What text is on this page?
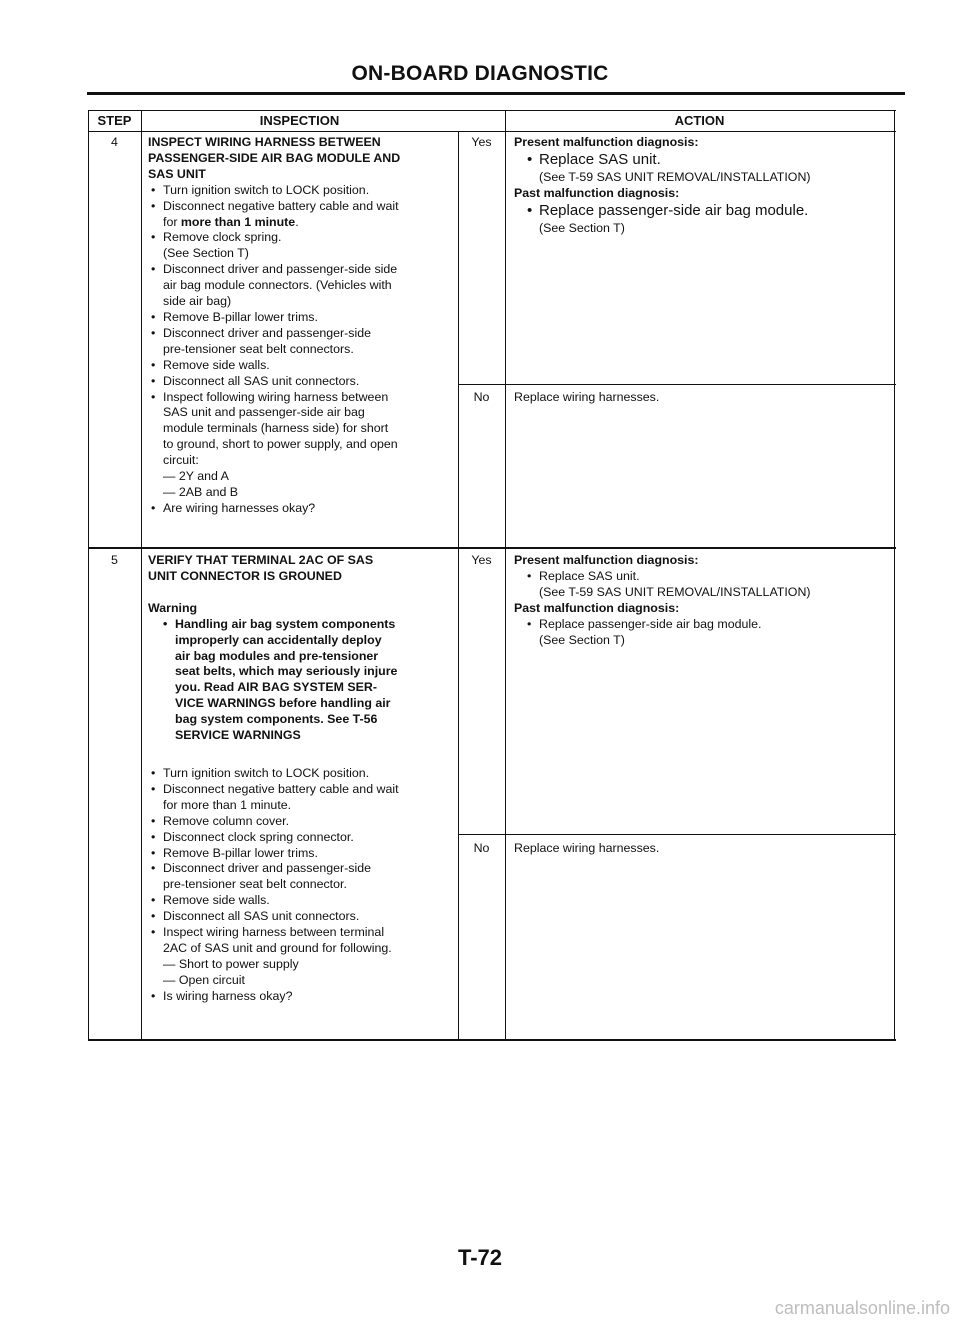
ON-BOARD DIAGNOSTIC
STEP	INSPECTION	ACTION
4	INSPECT WIRING HARNESS BETWEEN
PASSENGER-SIDE AIR BAG MODULE AND
SAS UNIT
• Turn ignition switch to LOCK position.
• Disconnect negative battery cable and wait
for more than 1 minute.
• Remove clock spring.
(See Section T)
• Disconnect driver and passenger-side side
air bag module connectors. (Vehicles with
side air bag)
• Remove B-pillar lower trims.
• Disconnect driver and passenger-side
pre-tensioner seat belt connectors.
• Remove side walls.
• Disconnect all SAS unit connectors.
• Inspect following wiring harness between
SAS unit and passenger-side air bag
module terminals (harness side) for short
to ground, short to power supply, and open
circuit:
— 2Y and A
— 2AB and B
• Are wiring harnesses okay?
Yes	Present malfunction diagnosis:
• Replace SAS unit.
(See T-59 SAS UNIT REMOVAL/INSTALLATION)
Past malfunction diagnosis:
• Replace passenger-side air bag module.
(See Section T)
No	Replace wiring harnesses.
5	VERIFY THAT TERMINAL 2AC OF SAS
UNIT CONNECTOR IS GROUNED
Warning
• Handling air bag system components
improperly can accidentally deploy
air bag modules and pre-tensioner
seat belts, which may seriously injure
you. Read AIR BAG SYSTEM SER-
VICE WARNINGS before handling air
bag system components. See T-56
SERVICE WARNINGS
• Turn ignition switch to LOCK position.
• Disconnect negative battery cable and wait
for more than 1 minute.
• Remove column cover.
• Disconnect clock spring connector.
• Remove B-pillar lower trims.
• Disconnect driver and passenger-side
pre-tensioner seat belt connector.
• Remove side walls.
• Disconnect all SAS unit connectors.
• Inspect wiring harness between terminal
2AC of SAS unit and ground for following.
— Short to power supply
— Open circuit
• Is wiring harness okay?
Yes	Present malfunction diagnosis:
• Replace SAS unit.
(See T-59 SAS UNIT REMOVAL/INSTALLATION)
Past malfunction diagnosis:
• Replace passenger-side air bag module.
(See Section T)
No	Replace wiring harnesses.
T-72
carmanualsonline.info
